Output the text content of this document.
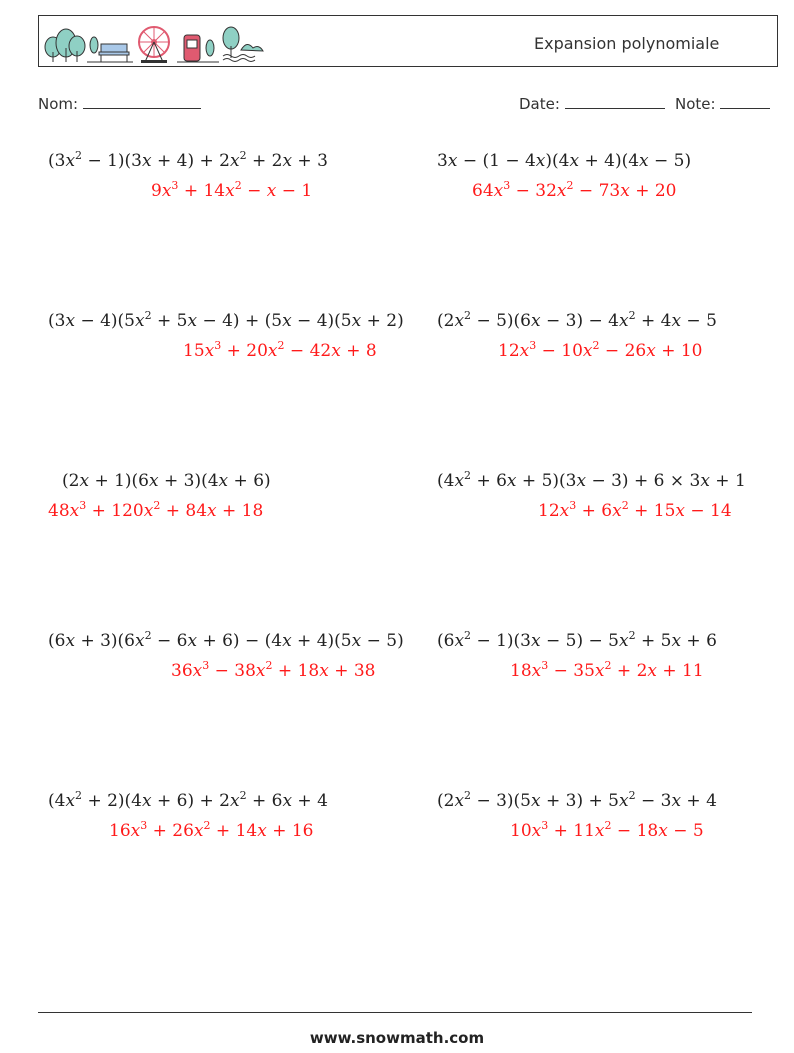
Expansion polynomiale
Nom:	Date:	Note:
$(3x^2 - 1)(3x + 4) + 2x^2 + 2x + 3$
$9x^3 + 14x^2 - x - 1$
3x − (1 − 4x)(4x + 4)(4x − 5)
$64x^3 - 32x^2 - 73x + 20$
$(3x - 4)(5x^2 + 5x - 4) + (5x - 4)(5x + 2)$
$15x^3 + 20x^2 - 42x + 8$
$(2x^2 - 5)(6x - 3) - 4x^2 + 4x - 5$
$12x^3 - 10x^2 - 26x + 10$
(2x + 1)(6x + 3)(4x + 6)
$48x^3 + 120x^2 + 84x + 18$
$(4x^2 + 6x + 5)(3x - 3) + 6 \times 3x + 1$
$12x^3 + 6x^2 + 15x - 14$
$(6x + 3)(6x^2 - 6x + 6) - (4x + 4)(5x - 5)$
$36x^3 - 38x^2 + 18x + 38$
$(6x^2 - 1)(3x - 5) - 5x^2 + 5x + 6$
$18x^3 - 35x^2 + 2x + 11$
$(4x^2 + 2)(4x + 6) + 2x^2 + 6x + 4$
$16x^3 + 26x^2 + 14x + 16$
$(2x^2 - 3)(5x + 3) + 5x^2 - 3x + 4$
$10x^3 + 11x^2 - 18x - 5$
www.snowmath.com
